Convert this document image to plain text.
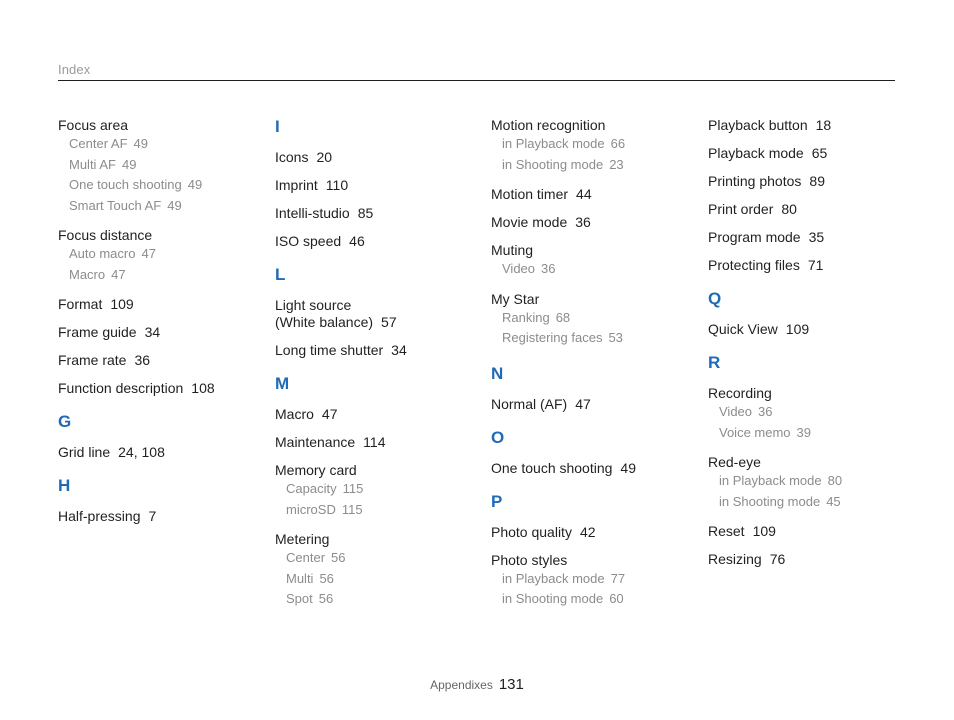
Index
Focus area
Center AF 49
Multi AF 49
One touch shooting 49
Smart Touch AF 49
Focus distance
Auto macro 47
Macro 47
Format 109
Frame guide 34
Frame rate 36
Function description 108
G
Grid line 24, 108
H
Half-pressing 7
I
Icons 20
Imprint 110
Intelli-studio 85
ISO speed 46
L
Light source
(White balance) 57
Long time shutter 34
M
Macro 47
Maintenance 114
Memory card
Capacity 115
microSD 115
Metering
Center 56
Multi 56
Spot 56
Motion recognition
in Playback mode 66
in Shooting mode 23
Motion timer 44
Movie mode 36
Muting
Video 36
My Star
Ranking 68
Registering faces 53
N
Normal (AF) 47
O
One touch shooting 49
P
Photo quality 42
Photo styles
in Playback mode 77
in Shooting mode 60
Playback button 18
Playback mode 65
Printing photos 89
Print order 80
Program mode 35
Protecting files 71
Q
Quick View 109
R
Recording
Video 36
Voice memo 39
Red-eye
in Playback mode 80
in Shooting mode 45
Reset 109
Resizing 76
Appendixes 131
